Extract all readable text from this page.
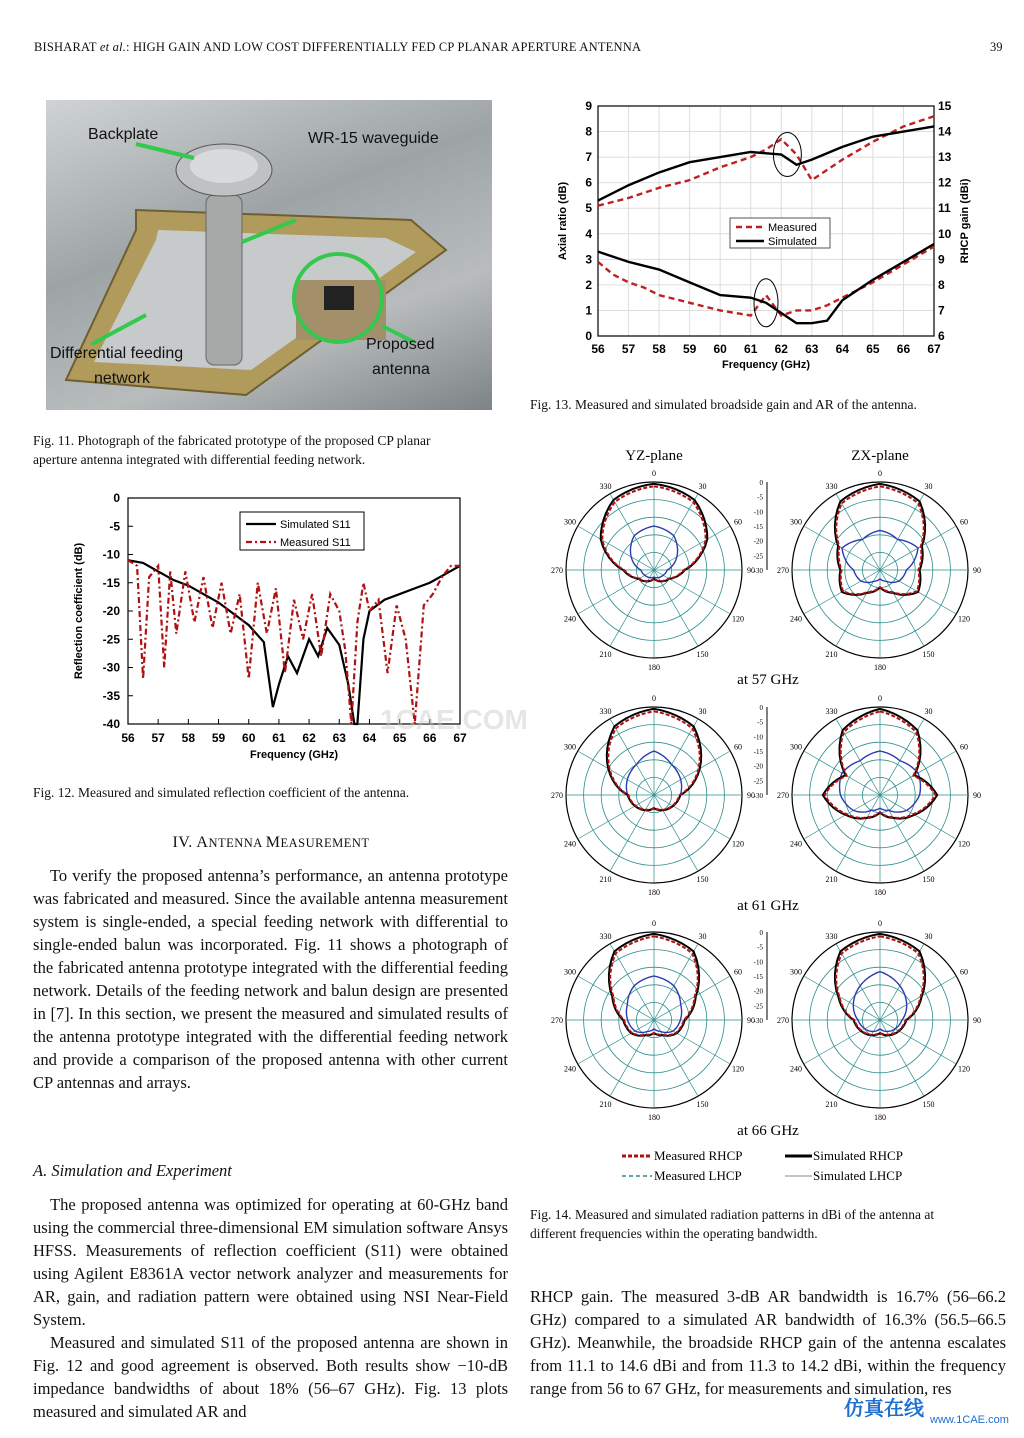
BISHARAT et al.: HIGH GAIN AND LOW COST DIFFERENTIALLY FED CP PLANAR APERTURE ANTENNA	39
Backplate	WR-15 waveguide
Differential feeding
network
Proposed
antenna
Fig. 11. Photograph of the fabricated prototype of the proposed CP planar
aperture antenna integrated with differential feeding network.
56 57 58 59 60 61 62 63 64 65 66 67
0
-5
-10
-15
-20
-25
-30
-35
-40
Frequency (GHz)
Reflection coefficient (dB)
Simulated S11
Measured S11
Fig. 12. Measured and simulated reflection coefficient of the antenna.
56 57 58 59 60 61 62 63 64 65 66 67
0
1
2
3
4
5
6
7
8
9
6
7
8
9
10
11
12
13
14
15
Frequency (GHz)
Axial ratio (dB)	RHCP gain (dBi)
Measured
Simulated
Fig. 13. Measured and simulated broadside gain and AR of the antenna.
YZ-plane	ZX-plane
0
30
60
90
120
150
180
210
240
270
300
330
0
30
60
90
120
150
180
210
240
270
300
330
0
-5
-10
-15
-20
-25
-30
0
30
60
90
120
150
180
210
240
270
300
330
0
30
60
90
120
150
180
210
240
270
300
330
0
-5
-10
-15
-20
-25
-30
0
30
60
90
120
150
180
210
240
270
300
330
0
30
60
90
120
150
180
210
240
270
300
330
0
-5
-10
-15
-20
-25
-30
at 57 GHz
at 61 GHz
at 66 GHz
Measured RHCP	Simulated RHCP
Measured LHCP	Simulated LHCP
Fig. 14. Measured and simulated radiation patterns in dBi of the antenna at
different frequencies within the operating bandwidth.
IV. ANTENNA MEASUREMENT
To verify the proposed antenna’s performance, an antenna prototype was fabricated and measured. Since the available antenna measurement system is single-ended, a special feeding network with differential to single-ended balun was incorporated. Fig. 11 shows a photograph of the fabricated antenna prototype integrated with the differential feeding network. Details of the feeding network and balun design are presented in [7]. In this section, we present the measured and simulated results of the antenna prototype integrated with the differential feeding network and provide a comparison of the proposed antenna with other current CP antennas and arrays.
A. Simulation and Experiment
The proposed antenna was optimized for operating at 60-GHz band using the commercial three-dimensional EM simulation software Ansys HFSS. Measurements of reflection coefficient (S11) were obtained using Agilent E8361A vector network analyzer and measurements for AR, gain, and radiation pattern were obtained using NSI Near-Field System.
Measured and simulated S11 of the proposed antenna are shown in Fig. 12 and good agreement is observed. Both results show −10-dB impedance bandwidths of about 18% (56–67 GHz). Fig. 13 plots measured and simulated AR and
RHCP gain. The measured 3-dB AR bandwidth is 16.7% (56–66.2 GHz) compared to a simulated AR bandwidth of 16.3% (56.5–66.5 GHz). Meanwhile, the broadside RHCP gain of the antenna escalates from 11.1 to 14.6 dBi and from 11.3 to 14.2 dBi, within the frequency range from 56 to 67 GHz, for measurements and simulation, res
1CAE.COM
仿真在线 www.1CAE.com
